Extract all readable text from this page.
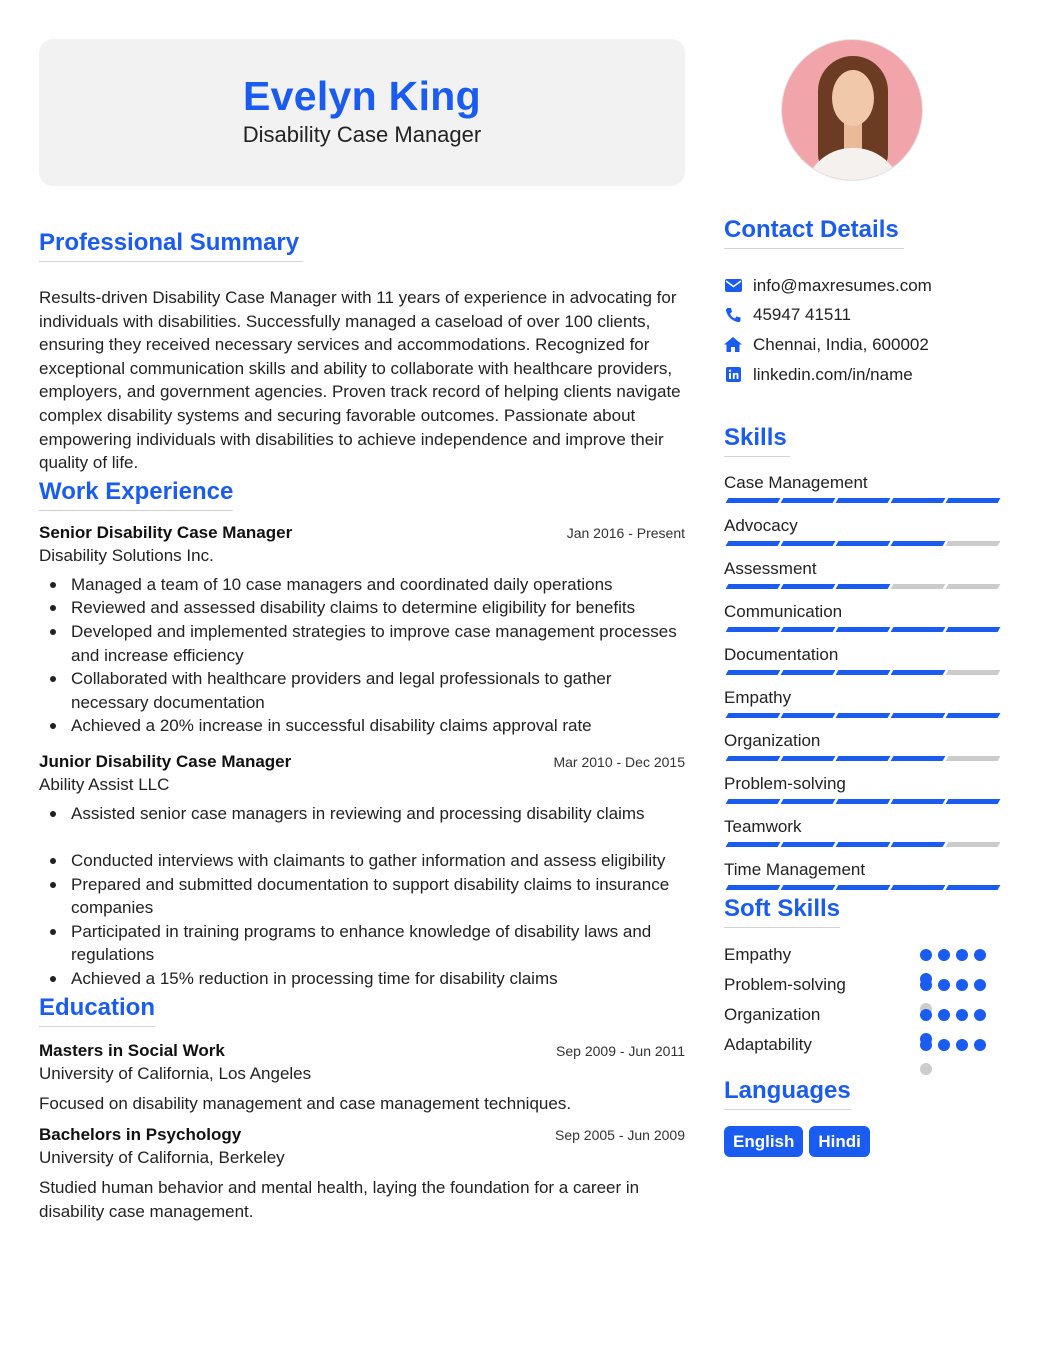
Evelyn King
Disability Case Manager
Professional Summary

Results-driven Disability Case Manager with 11 years of experience in advocating for individuals with disabilities. Successfully managed a caseload of over 100 clients, ensuring they received necessary services and accommodations. Recognized for exceptional communication skills and ability to collaborate with healthcare providers, employers, and government agencies. Proven track record of helping clients navigate complex disability systems and securing favorable outcomes. Passionate about empowering individuals with disabilities to achieve independence and improve their quality of life.

Work Experience
Senior Disability Case Manager	Jan 2016 - Present
Disability Solutions Inc.
Managed a team of 10 case managers and coordinated daily operations
Reviewed and assessed disability claims to determine eligibility for benefits
Developed and implemented strategies to improve case management processes and increase efficiency
Collaborated with healthcare providers and legal professionals to gather necessary documentation
Achieved a 20% increase in successful disability claims approval rate
Junior Disability Case Manager	Mar 2010 - Dec 2015
Ability Assist LLC
Assisted senior case managers in reviewing and processing disability claims
Conducted interviews with claimants to gather information and assess eligibility
Prepared and submitted documentation to support disability claims to insurance companies
Participated in training programs to enhance knowledge of disability laws and regulations
Achieved a 15% reduction in processing time for disability claims
Education
Masters in Social Work	Sep 2009 - Jun 2011
University of California, Los Angeles

Focused on disability management and case management techniques.

Bachelors in Psychology	Sep 2005 - Jun 2009
University of California, Berkeley

Studied human behavior and mental health, laying the foundation for a career in disability case management.

Contact Details
info@maxresumes.com
45947 41511
Chennai, India, 600002
linkedin.com/in/name
Skills
Case Management
Advocacy
Assessment
Communication
Documentation
Empathy
Organization
Problem-solving
Teamwork
Time Management
Soft Skills
Empathy
Problem-solving
Organization
Adaptability
Languages
English	Hindi
